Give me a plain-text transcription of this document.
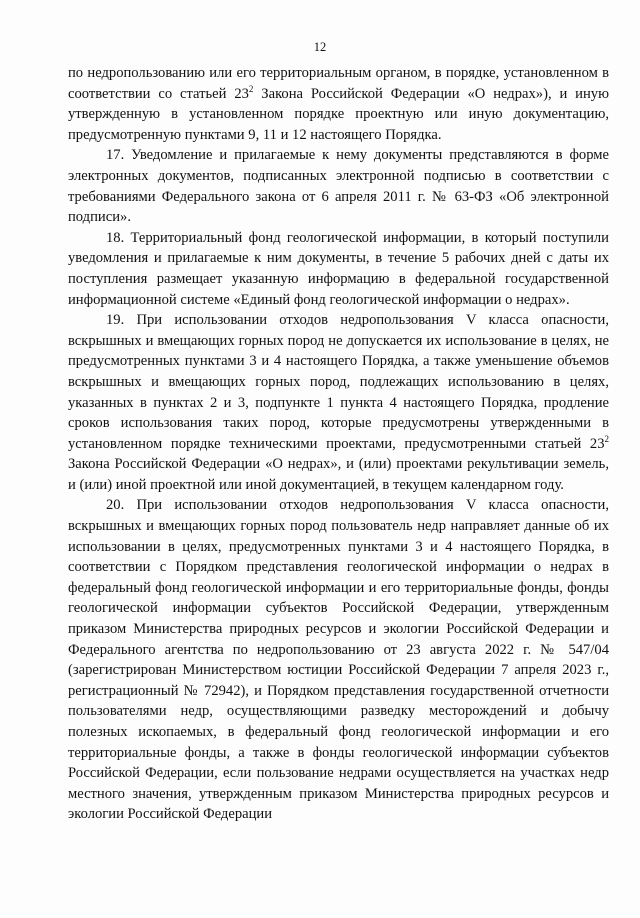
12

по недропользованию или его территориальным органом, в порядке, установленном в соответствии со статьей $23^2$ Закона Российской Федерации «О недрах»), и иную утвержденную в установленном порядке проектную или иную документацию, предусмотренную пунктами 9, 11 и 12 настоящего Порядка.

17. Уведомление и прилагаемые к нему документы представляются в форме электронных документов, подписанных электронной подписью в соответствии с требованиями Федерального закона от 6 апреля 2011 г. № 63-ФЗ «Об электронной подписи».

18. Территориальный фонд геологической информации, в который поступили уведомления и прилагаемые к ним документы, в течение 5 рабочих дней с даты их поступления размещает указанную информацию в федеральной государственной информационной системе «Единый фонд геологической информации о недрах».

19. При использовании отходов недропользования V класса опасности, вскрышных и вмещающих горных пород не допускается их использование в целях, не предусмотренных пунктами 3 и 4 настоящего Порядка, а также уменьшение объемов вскрышных и вмещающих горных пород, подлежащих использованию в целях, указанных в пунктах 2 и 3, подпункте 1 пункта 4 настоящего Порядка, продление сроков использования таких пород, которые предусмотрены утвержденными в установленном порядке техническими проектами, предусмотренными статьей $23^2$ Закона Российской Федерации «О недрах», и (или) проектами рекультивации земель, и (или) иной проектной или иной документацией, в текущем календарном году.

20. При использовании отходов недропользования V класса опасности, вскрышных и вмещающих горных пород пользователь недр направляет данные об их использовании в целях, предусмотренных пунктами 3 и 4 настоящего Порядка, в соответствии с Порядком представления геологической информации о недрах в федеральный фонд геологической информации и его территориальные фонды, фонды геологической информации субъектов Российской Федерации, утвержденным приказом Министерства природных ресурсов и экологии Российской Федерации и Федерального агентства по недропользованию от 23 августа 2022 г. № 547/04 (зарегистрирован Министерством юстиции Российской Федерации 7 апреля 2023 г., регистрационный № 72942), и Порядком представления государственной отчетности пользователями недр, осуществляющими разведку месторождений и добычу полезных ископаемых, в федеральный фонд геологической информации и его территориальные фонды, а также в фонды геологической информации субъектов Российской Федерации, если пользование недрами осуществляется на участках недр местного значения, утвержденным приказом Министерства природных ресурсов и экологии Российской Федерации
